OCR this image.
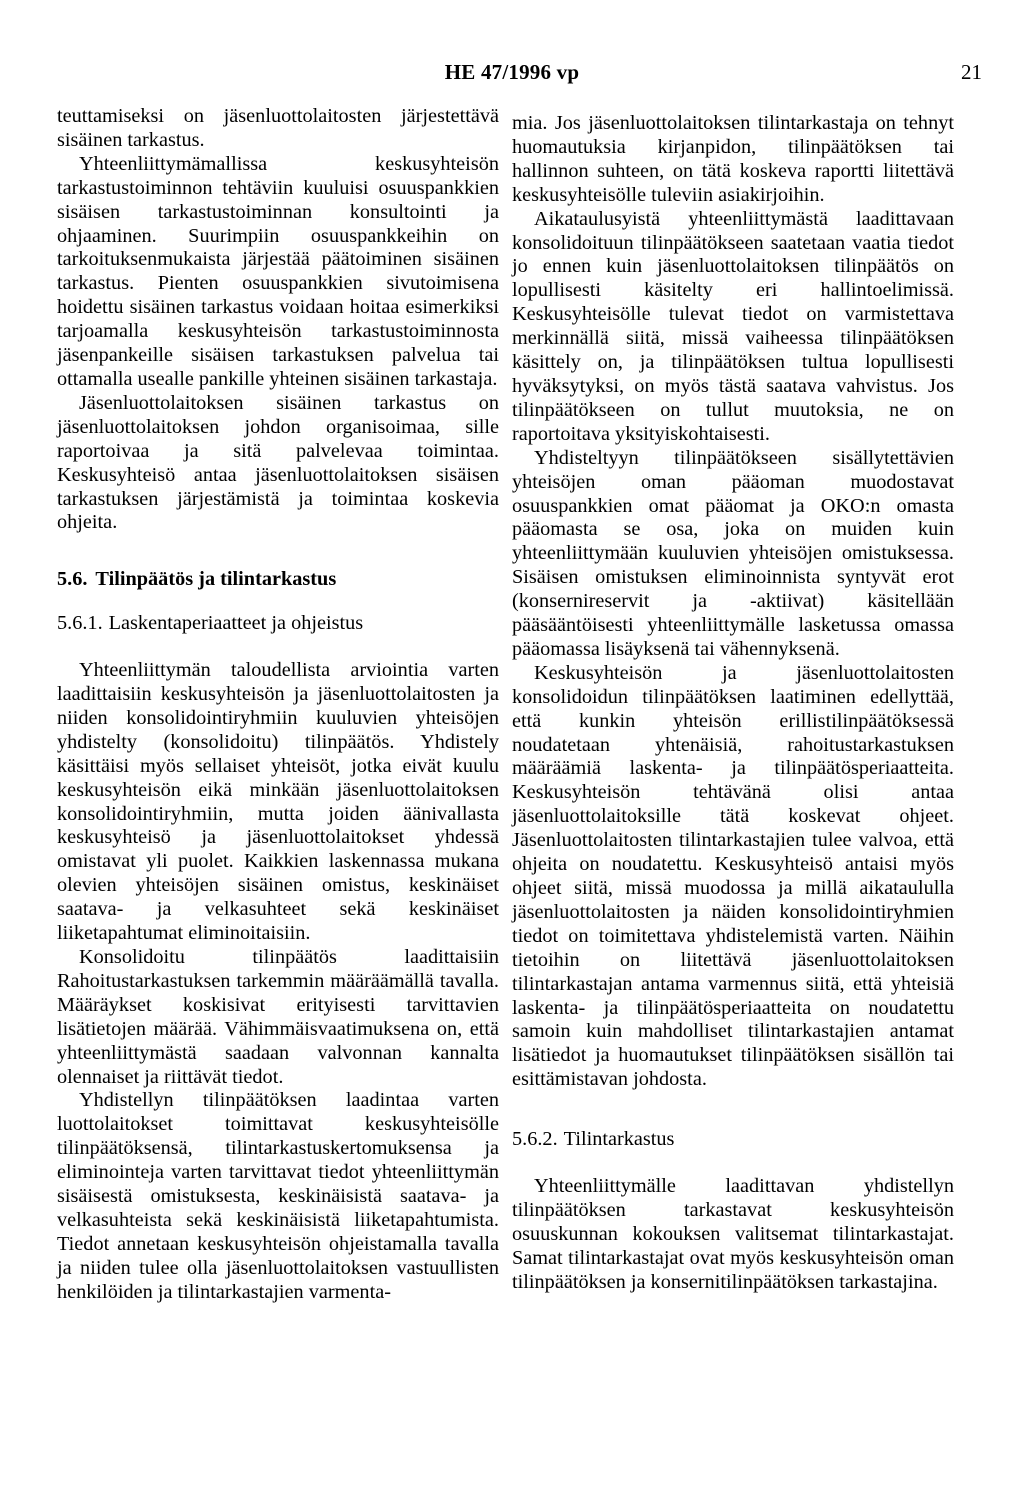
HE 47/1996 vp	21

teuttamiseksi on jäsenluottolaitosten järjestettävä sisäinen tarkastus.

Yhteenliittymämallissa keskusyhteisön tarkastustoiminnon tehtäviin kuuluisi osuuspankkien sisäisen tarkastustoiminnan konsultointi ja ohjaaminen. Suurimpiin osuuspankkeihin on tarkoituksenmukaista järjestää päätoiminen sisäinen tarkastus. Pienten osuuspankkien sivutoimisena hoidettu sisäinen tarkastus voidaan hoitaa esimerkiksi tarjoamalla keskusyhteisön tarkastustoiminnosta jäsenpankeille sisäisen tarkastuksen palvelua tai ottamalla usealle pankille yhteinen sisäinen tarkastaja.

Jäsenluottolaitoksen sisäinen tarkastus on jäsenluottolaitoksen johdon organisoimaa, sille raportoivaa ja sitä palvelevaa toimintaa. Keskusyhteisö antaa jäsenluottolaitoksen sisäisen tarkastuksen järjestämistä ja toimintaa koskevia ohjeita.

5.6. Tilinpäätös ja tilintarkastus
5.6.1. Laskentaperiaatteet ja ohjeistus

Yhteenliittymän taloudellista arviointia varten laadittaisiin keskusyhteisön ja jäsenluottolaitosten ja niiden konsolidointiryhmiin kuuluvien yhteisöjen yhdistelty (konsolidoitu) tilinpäätös. Yhdistely käsittäisi myös sellaiset yhteisöt, jotka eivät kuulu keskusyhteisön eikä minkään jäsenluottolaitoksen konsolidointiryhmiin, mutta joiden äänivallasta keskusyhteisö ja jäsenluottolaitokset yhdessä omistavat yli puolet. Kaikkien laskennassa mukana olevien yhteisöjen sisäinen omistus, keskinäiset saatava- ja velkasuhteet sekä keskinäiset liiketapahtumat eliminoitaisiin.

Konsolidoitu tilinpäätös laadittaisiin Rahoitustarkastuksen tarkemmin määräämällä tavalla. Määräykset koskisivat erityisesti tarvittavien lisätietojen määrää. Vähimmäisvaatimuksena on, että yhteenliittymästä saadaan valvonnan kannalta olennaiset ja riittävät tiedot.

Yhdistellyn tilinpäätöksen laadintaa varten luottolaitokset toimittavat keskusyhteisölle tilinpäätöksensä, tilintarkastuskertomuksensa ja eliminointeja varten tarvittavat tiedot yhteenliittymän sisäisestä omistuksesta, keskinäisistä saatava- ja velkasuhteista sekä keskinäisistä liiketapahtumista. Tiedot annetaan keskusyhteisön ohjeistamalla tavalla ja niiden tulee olla jäsenluottolaitoksen vastuullisten henkilöiden ja tilintarkastajien varmenta-

mia. Jos jäsenluottolaitoksen tilintarkastaja on tehnyt huomautuksia kirjanpidon, tilinpäätöksen tai hallinnon suhteen, on tätä koskeva raportti liitettävä keskusyhteisölle tuleviin asiakirjoihin.

Aikataulusyistä yhteenliittymästä laadittavaan konsolidoituun tilinpäätökseen saatetaan vaatia tiedot jo ennen kuin jäsenluottolaitoksen tilinpäätös on lopullisesti käsitelty eri hallintoelimissä. Keskusyhteisölle tulevat tiedot on varmistettava merkinnällä siitä, missä vaiheessa tilinpäätöksen käsittely on, ja tilinpäätöksen tultua lopullisesti hyväksytyksi, on myös tästä saatava vahvistus. Jos tilinpäätökseen on tullut muutoksia, ne on raportoitava yksityiskohtaisesti.

Yhdisteltyyn tilinpäätökseen sisällytettävien yhteisöjen oman pääoman muodostavat osuuspankkien omat pääomat ja OKO:n omasta pääomasta se osa, joka on muiden kuin yhteenliittymään kuuluvien yhteisöjen omistuksessa. Sisäisen omistuksen eliminoinnista syntyvät erot (konsernireservit ja -aktiivat) käsitellään pääsääntöisesti yhteenliittymälle lasketussa omassa pääomassa lisäyksenä tai vähennyksenä.

Keskusyhteisön ja jäsenluottolaitosten konsolidoidun tilinpäätöksen laatiminen edellyttää, että kunkin yhteisön erillistilinpäätöksessä noudatetaan yhtenäisiä, rahoitustarkastuksen määräämiä laskenta- ja tilinpäätösperiaatteita. Keskusyhteisön tehtävänä olisi antaa jäsenluottolaitoksille tätä koskevat ohjeet. Jäsenluottolaitosten tilintarkastajien tulee valvoa, että ohjeita on noudatettu. Keskusyhteisö antaisi myös ohjeet siitä, missä muodossa ja millä aikataululla jäsenluottolaitosten ja näiden konsolidointiryhmien tiedot on toimitettava yhdistelemistä varten. Näihin tietoihin on liitettävä jäsenluottolaitoksen tilintarkastajan antama varmennus siitä, että yhteisiä laskenta- ja tilinpäätösperiaatteita on noudatettu samoin kuin mahdolliset tilintarkastajien antamat lisätiedot ja huomautukset tilinpäätöksen sisällön tai esittämistavan johdosta.

5.6.2. Tilintarkastus

Yhteenliittymälle laadittavan yhdistellyn tilinpäätöksen tarkastavat keskusyhteisön osuuskunnan kokouksen valitsemat tilintarkastajat. Samat tilintarkastajat ovat myös keskusyhteisön oman tilinpäätöksen ja konsernitilinpäätöksen tarkastajina.
